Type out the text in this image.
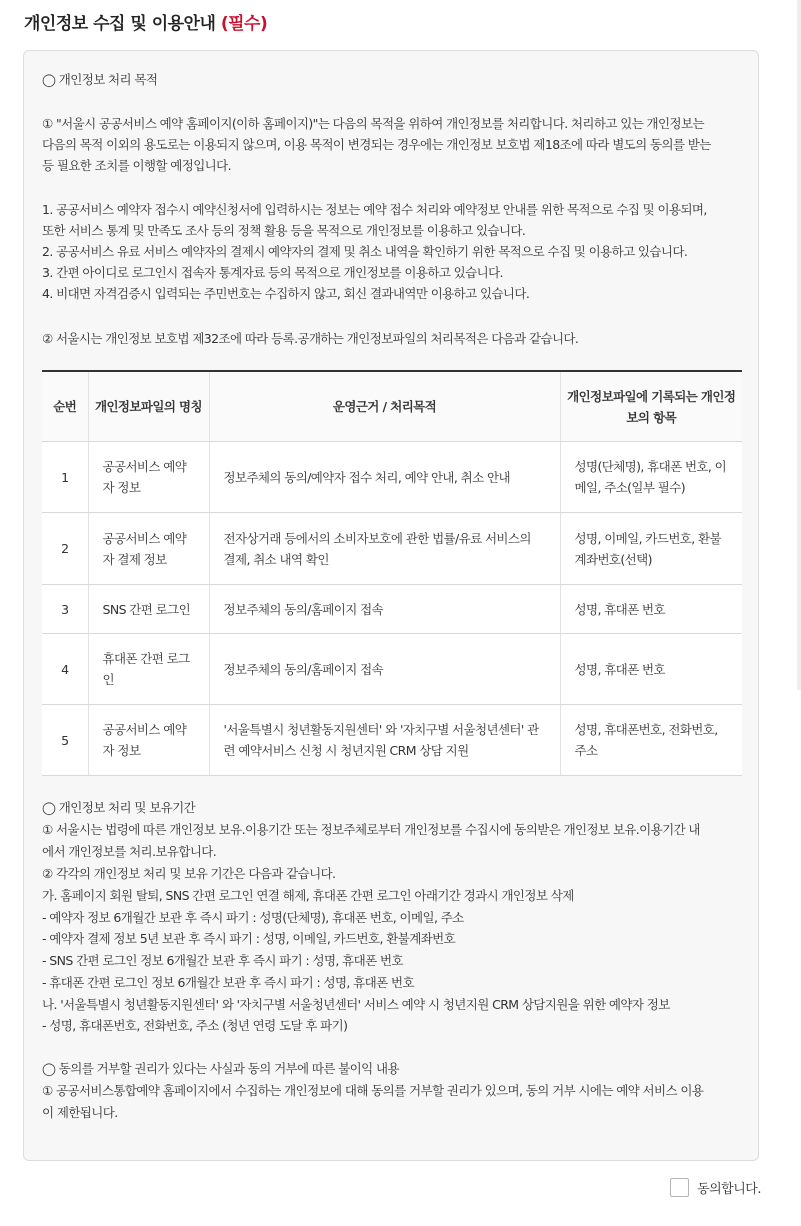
개인정보 수집 및 이용안내 (필수)

◯ 개인정보 처리 목적

① "서울시 공공서비스 예약 홈페이지(이하 홈페이지)"는 다음의 목적을 위하여 개인정보를 처리합니다. 처리하고 있는 개인정보는

다음의 목적 이외의 용도로는 이용되지 않으며, 이용 목적이 변경되는 경우에는 개인정보 보호법 제18조에 따라 별도의 동의를 받는

등 필요한 조치를 이행할 예정입니다.

1. 공공서비스 예약자 접수시 예약신청서에 입력하시는 정보는 예약 접수 처리와 예약정보 안내를 위한 목적으로 수집 및 이용되며,

또한 서비스 통계 및 만족도 조사 등의 정책 활용 등을 목적으로 개인정보를 이용하고 있습니다.

2. 공공서비스 유료 서비스 예약자의 결제시 예약자의 결제 및 취소 내역을 확인하기 위한 목적으로 수집 및 이용하고 있습니다.

3. 간편 아이디로 로그인시 접속자 통계자료 등의 목적으로 개인정보를 이용하고 있습니다.

4. 비대면 자격검증시 입력되는 주민번호는 수집하지 않고, 회신 결과내역만 이용하고 있습니다.

② 서울시는 개인정보 보호법 제32조에 따라 등록.공개하는 개인정보파일의 처리목적은 다음과 같습니다.

순번	개인정보파일의 명칭	운영근거 / 처리목적	개인정보파일에 기록되는 개인정보의 항목
1	공공서비스 예약자 정보	정보주체의 동의/예약자 접수 처리, 예약 안내, 취소 안내	성명(단체명), 휴대폰 번호, 이메일, 주소(일부 필수)
2	공공서비스 예약자 결제 정보	전자상거래 등에서의 소비자보호에 관한 법률/유료 서비스의 결제, 취소 내역 확인	성명, 이메일, 카드번호, 환불계좌번호(선택)
3	SNS 간편 로그인	정보주체의 동의/홈페이지 접속	성명, 휴대폰 번호
4	휴대폰 간편 로그인	정보주체의 동의/홈페이지 접속	성명, 휴대폰 번호
5	공공서비스 예약자 정보	'서울특별시 청년활동지원센터' 와 '자치구별 서울청년센터' 관련 예약서비스 신청 시 청년지원 CRM 상담 지원	성명, 휴대폰번호, 전화번호, 주소

◯ 개인정보 처리 및 보유기간

① 서울시는 법령에 따른 개인정보 보유.이용기간 또는 정보주체로부터 개인정보를 수집시에 동의받은 개인정보 보유.이용기간 내

에서 개인정보를 처리.보유합니다.

② 각각의 개인정보 처리 및 보유 기간은 다음과 같습니다.

가. 홈페이지 회원 탈퇴, SNS 간편 로그인 연결 해제, 휴대폰 간편 로그인 아래기간 경과시 개인정보 삭제

- 예약자 정보 6개월간 보관 후 즉시 파기 : 성명(단체명), 휴대폰 번호, 이메일, 주소

- 예약자 결제 정보 5년 보관 후 즉시 파기 : 성명, 이메일, 카드번호, 환불계좌번호

- SNS 간편 로그인 정보 6개월간 보관 후 즉시 파기 : 성명, 휴대폰 번호

- 휴대폰 간편 로그인 정보 6개월간 보관 후 즉시 파기 : 성명, 휴대폰 번호

나. '서울특별시 청년활동지원센터' 와 '자치구별 서울청년센터' 서비스 예약 시 청년지원 CRM 상담지원을 위한 예약자 정보

- 성명, 휴대폰번호, 전화번호, 주소 (청년 연령 도달 후 파기)

◯ 동의를 거부할 권리가 있다는 사실과 동의 거부에 따른 불이익 내용

① 공공서비스통합예약 홈페이지에서 수집하는 개인정보에 대해 동의를 거부할 권리가 있으며, 동의 거부 시에는 예약 서비스 이용

이 제한됩니다.

동의합니다.
